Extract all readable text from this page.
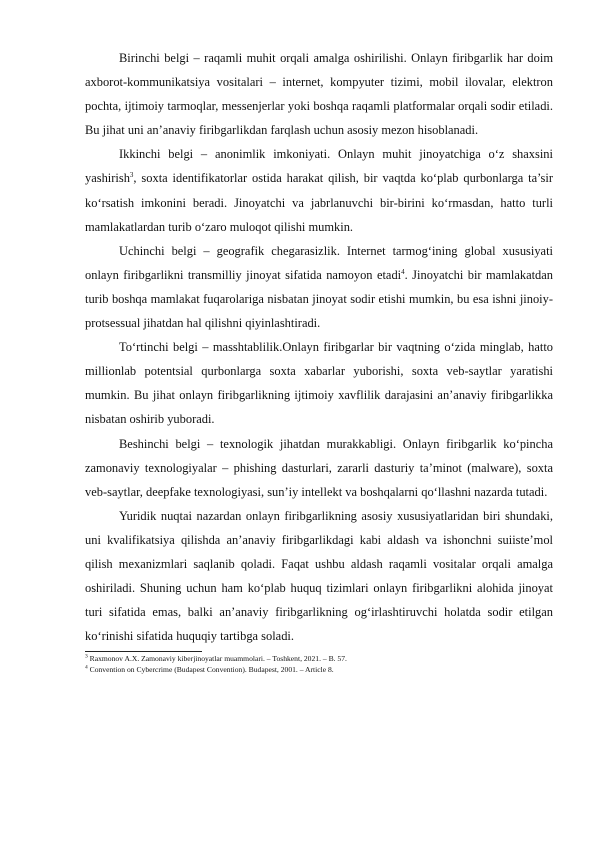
Birinchi belgi – raqamli muhit orqali amalga oshirilishi. Onlayn firibgarlik har doim axborot-kommunikatsiya vositalari – internet, kompyuter tizimi, mobil ilovalar, elektron pochta, ijtimoiy tarmoqlar, messenjerlar yoki boshqa raqamli platformalar orqali sodir etiladi. Bu jihat uni an’anaviy firibgarlikdan farqlash uchun asosiy mezon hisoblanadi.

Ikkinchi belgi – anonimlik imkoniyati. Onlayn muhit jinoyatchiga o‘z shaxsini yashirish$^3$, soxta identifikatorlar ostida harakat qilish, bir vaqtda ko‘plab qurbonlarga ta’sir ko‘rsatish imkonini beradi. Jinoyatchi va jabrlanuvchi bir-birini ko‘rmasdan, hatto turli mamlakatlardan turib o‘zaro muloqot qilishi mumkin.

Uchinchi belgi – geografik chegarasizlik. Internet tarmog‘ining global xususiyati onlayn firibgarlikni transmilliy jinoyat sifatida namoyon etadi$^4$. Jinoyatchi bir mamlakatdan turib boshqa mamlakat fuqarolariga nisbatan jinoyat sodir etishi mumkin, bu esa ishni jinoiy-protsessual jihatdan hal qilishni qiyinlashtiradi.

To‘rtinchi belgi – masshtablilik.Onlayn firibgarlar bir vaqtning o‘zida minglab, hatto millionlab potentsial qurbonlarga soxta xabarlar yuborishi, soxta veb-saytlar yaratishi mumkin. Bu jihat onlayn firibgarlikning ijtimoiy xavflilik darajasini an’anaviy firibgarlikka nisbatan oshirib yuboradi.

Beshinchi belgi – texnologik jihatdan murakkabligi. Onlayn firibgarlik ko‘pincha zamonaviy texnologiyalar – phishing dasturlari, zararli dasturiy ta’minot (malware), soxta veb-saytlar, deepfake texnologiyasi, sun’iy intellekt va boshqalarni qo‘llashni nazarda tutadi.

Yuridik nuqtai nazardan onlayn firibgarlikning asosiy xususiyatlaridan biri shundaki, uni kvalifikatsiya qilishda an’anaviy firibgarlikdagi kabi aldash va ishonchni suiiste’mol qilish mexanizmlari saqlanib qoladi. Faqat ushbu aldash raqamli vositalar orqali amalga oshiriladi. Shuning uchun ham ko‘plab huquq tizimlari onlayn firibgarlikni alohida jinoyat turi sifatida emas, balki an’anaviy firibgarlikning og‘irlashtiruvchi holatda sodir etilgan ko‘rinishi sifatida huquqiy tartibga soladi.

$^3$ Raxmonov A.X. Zamonaviy kiberjinoyatlar muammolari. – Toshkent, 2021. – B. 57.

$^4$ Convention on Cybercrime (Budapest Convention). Budapest, 2001. – Article 8.
